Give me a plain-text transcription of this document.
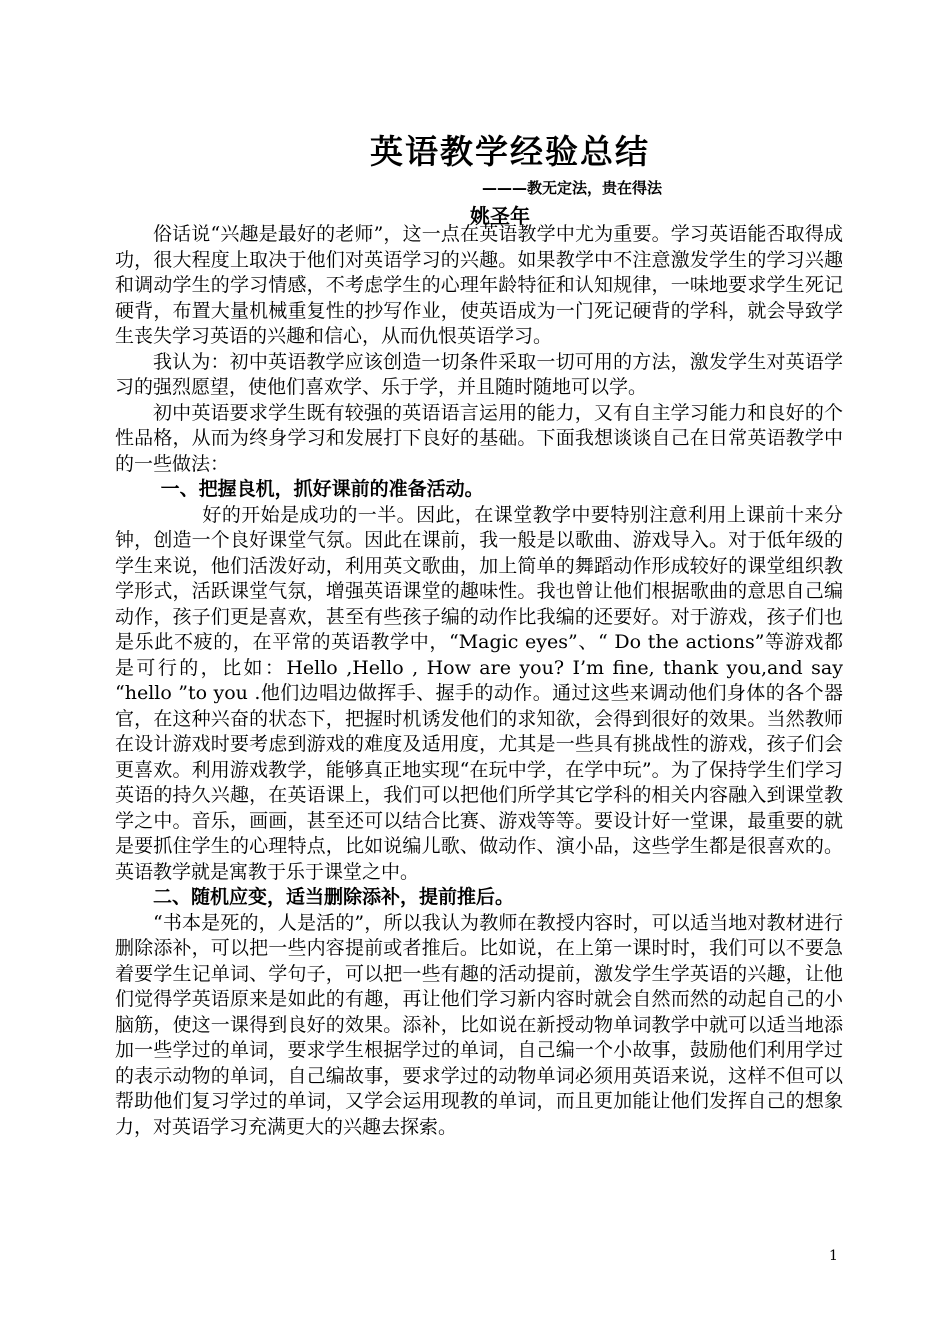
英语教学经验总结
———教无定法，贵在得法
姚圣年

俗话说“兴趣是最好的老师”，这一点在英语教学中尤为重要。学习英语能否取得成功，很大程度上取决于他们对英语学习的兴趣。如果教学中不注意激发学生的学习兴趣和调动学生的学习情感，不考虑学生的心理年龄特征和认知规律，一味地要求学生死记硬背，布置大量机械重复性的抄写作业，使英语成为一门死记硬背的学科，就会导致学生丧失学习英语的兴趣和信心，从而仇恨英语学习。

我认为：初中英语教学应该创造一切条件采取一切可用的方法，激发学生对英语学习的强烈愿望，使他们喜欢学、乐于学，并且随时随地可以学。

初中英语要求学生既有较强的英语语言运用的能力，又有自主学习能力和良好的个性品格，从而为终身学习和发展打下良好的基础。下面我想谈谈自己在日常英语教学中的一些做法：

一、把握良机，抓好课前的准备活动。

好的开始是成功的一半。因此，在课堂教学中要特别注意利用上课前十来分钟，创造一个良好课堂气氛。因此在课前，我一般是以歌曲、游戏导入。对于低年级的学生来说，他们活泼好动，利用英文歌曲，加上简单的舞蹈动作形成较好的课堂组织教学形式，活跃课堂气氛，增强英语课堂的趣味性。我也曾让他们根据歌曲的意思自己编动作，孩子们更是喜欢，甚至有些孩子编的动作比我编的还要好。对于游戏，孩子们也是乐此不疲的，在平常的英语教学中，“Magic eyes”、“ Do the actions”等游戏都是可行的，比如：Hello ,Hello , How are you? I’m fine, thank you,and say “hello ”to you .他们边唱边做挥手、握手的动作。通过这些来调动他们身体的各个器官，在这种兴奋的状态下，把握时机诱发他们的求知欲，会得到很好的效果。当然教师在设计游戏时要考虑到游戏的难度及适用度，尤其是一些具有挑战性的游戏，孩子们会更喜欢。利用游戏教学，能够真正地实现“在玩中学，在学中玩”。为了保持学生们学习英语的持久兴趣，在英语课上，我们可以把他们所学其它学科的相关内容融入到课堂教学之中。音乐，画画，甚至还可以结合比赛、游戏等等。要设计好一堂课，最重要的就是要抓住学生的心理特点，比如说编儿歌、做动作、演小品，这些学生都是很喜欢的。英语教学就是寓教于乐于课堂之中。

二、随机应变，适当删除添补，提前推后。

“书本是死的，人是活的”，所以我认为教师在教授内容时，可以适当地对教材进行删除添补，可以把一些内容提前或者推后。比如说，在上第一课时时，我们可以不要急着要学生记单词、学句子，可以把一些有趣的活动提前，激发学生学英语的兴趣，让他们觉得学英语原来是如此的有趣，再让他们学习新内容时就会自然而然的动起自己的小脑筋，使这一课得到良好的效果。添补，比如说在新授动物单词教学中就可以适当地添加一些学过的单词，要求学生根据学过的单词，自己编一个小故事，鼓励他们利用学过的表示动物的单词，自己编故事，要求学过的动物单词必须用英语来说，这样不但可以帮助他们复习学过的单词，又学会运用现教的单词，而且更加能让他们发挥自己的想象力，对英语学习充满更大的兴趣去探索。

1
